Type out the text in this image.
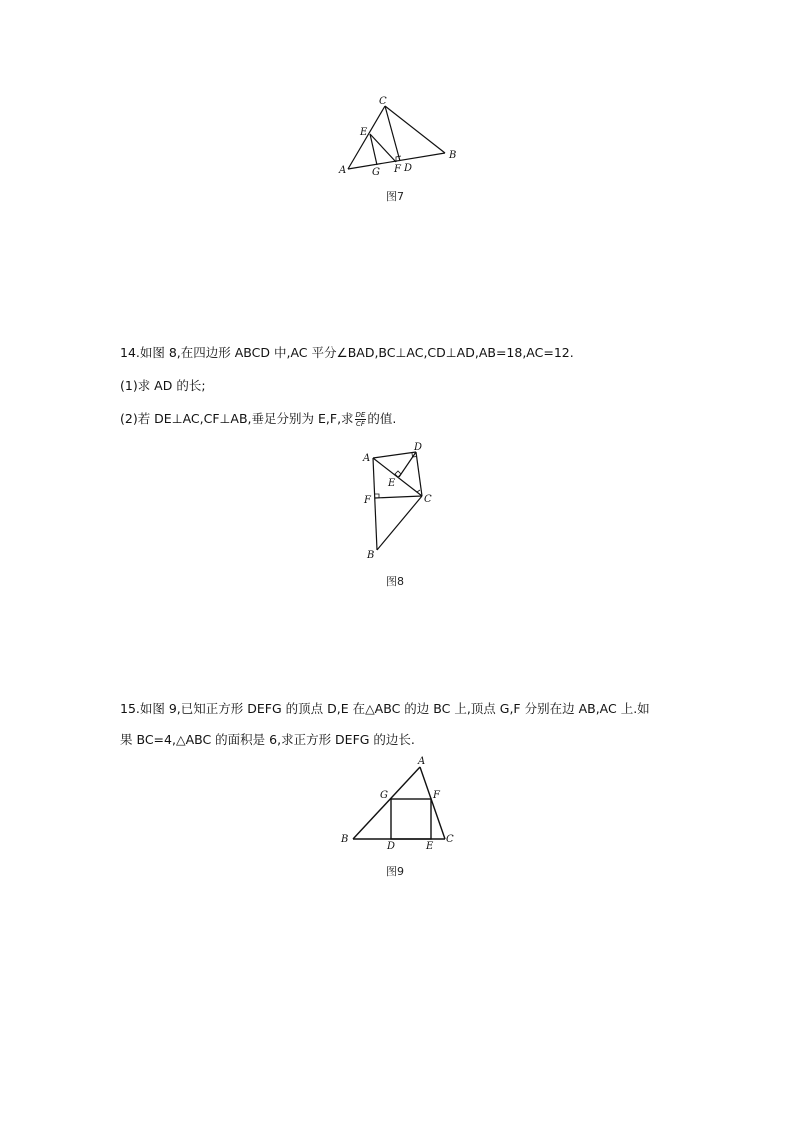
C
E
A	G F D
B
图7
14.如图 8,在四边形 ABCD 中,AC 平分∠BAD,BC⊥AC,CD⊥AD,AB=18,AC=12.
(1)求 AD 的长;
(2)若 DE⊥AC,CF⊥AB,垂足分别为 E,F,求 $\frac{DE}{CF}$ 的值.
A
D
E
F	C
B
图8
15.如图 9,已知正方形 DEFG 的顶点 D,E 在△ABC 的边 BC 上,顶点 G,F 分别在边 AB,AC 上.如
果 BC=4,△ABC 的面积是 6,求正方形 DEFG 的边长.
A
G	F
B
D	E
C
图9
